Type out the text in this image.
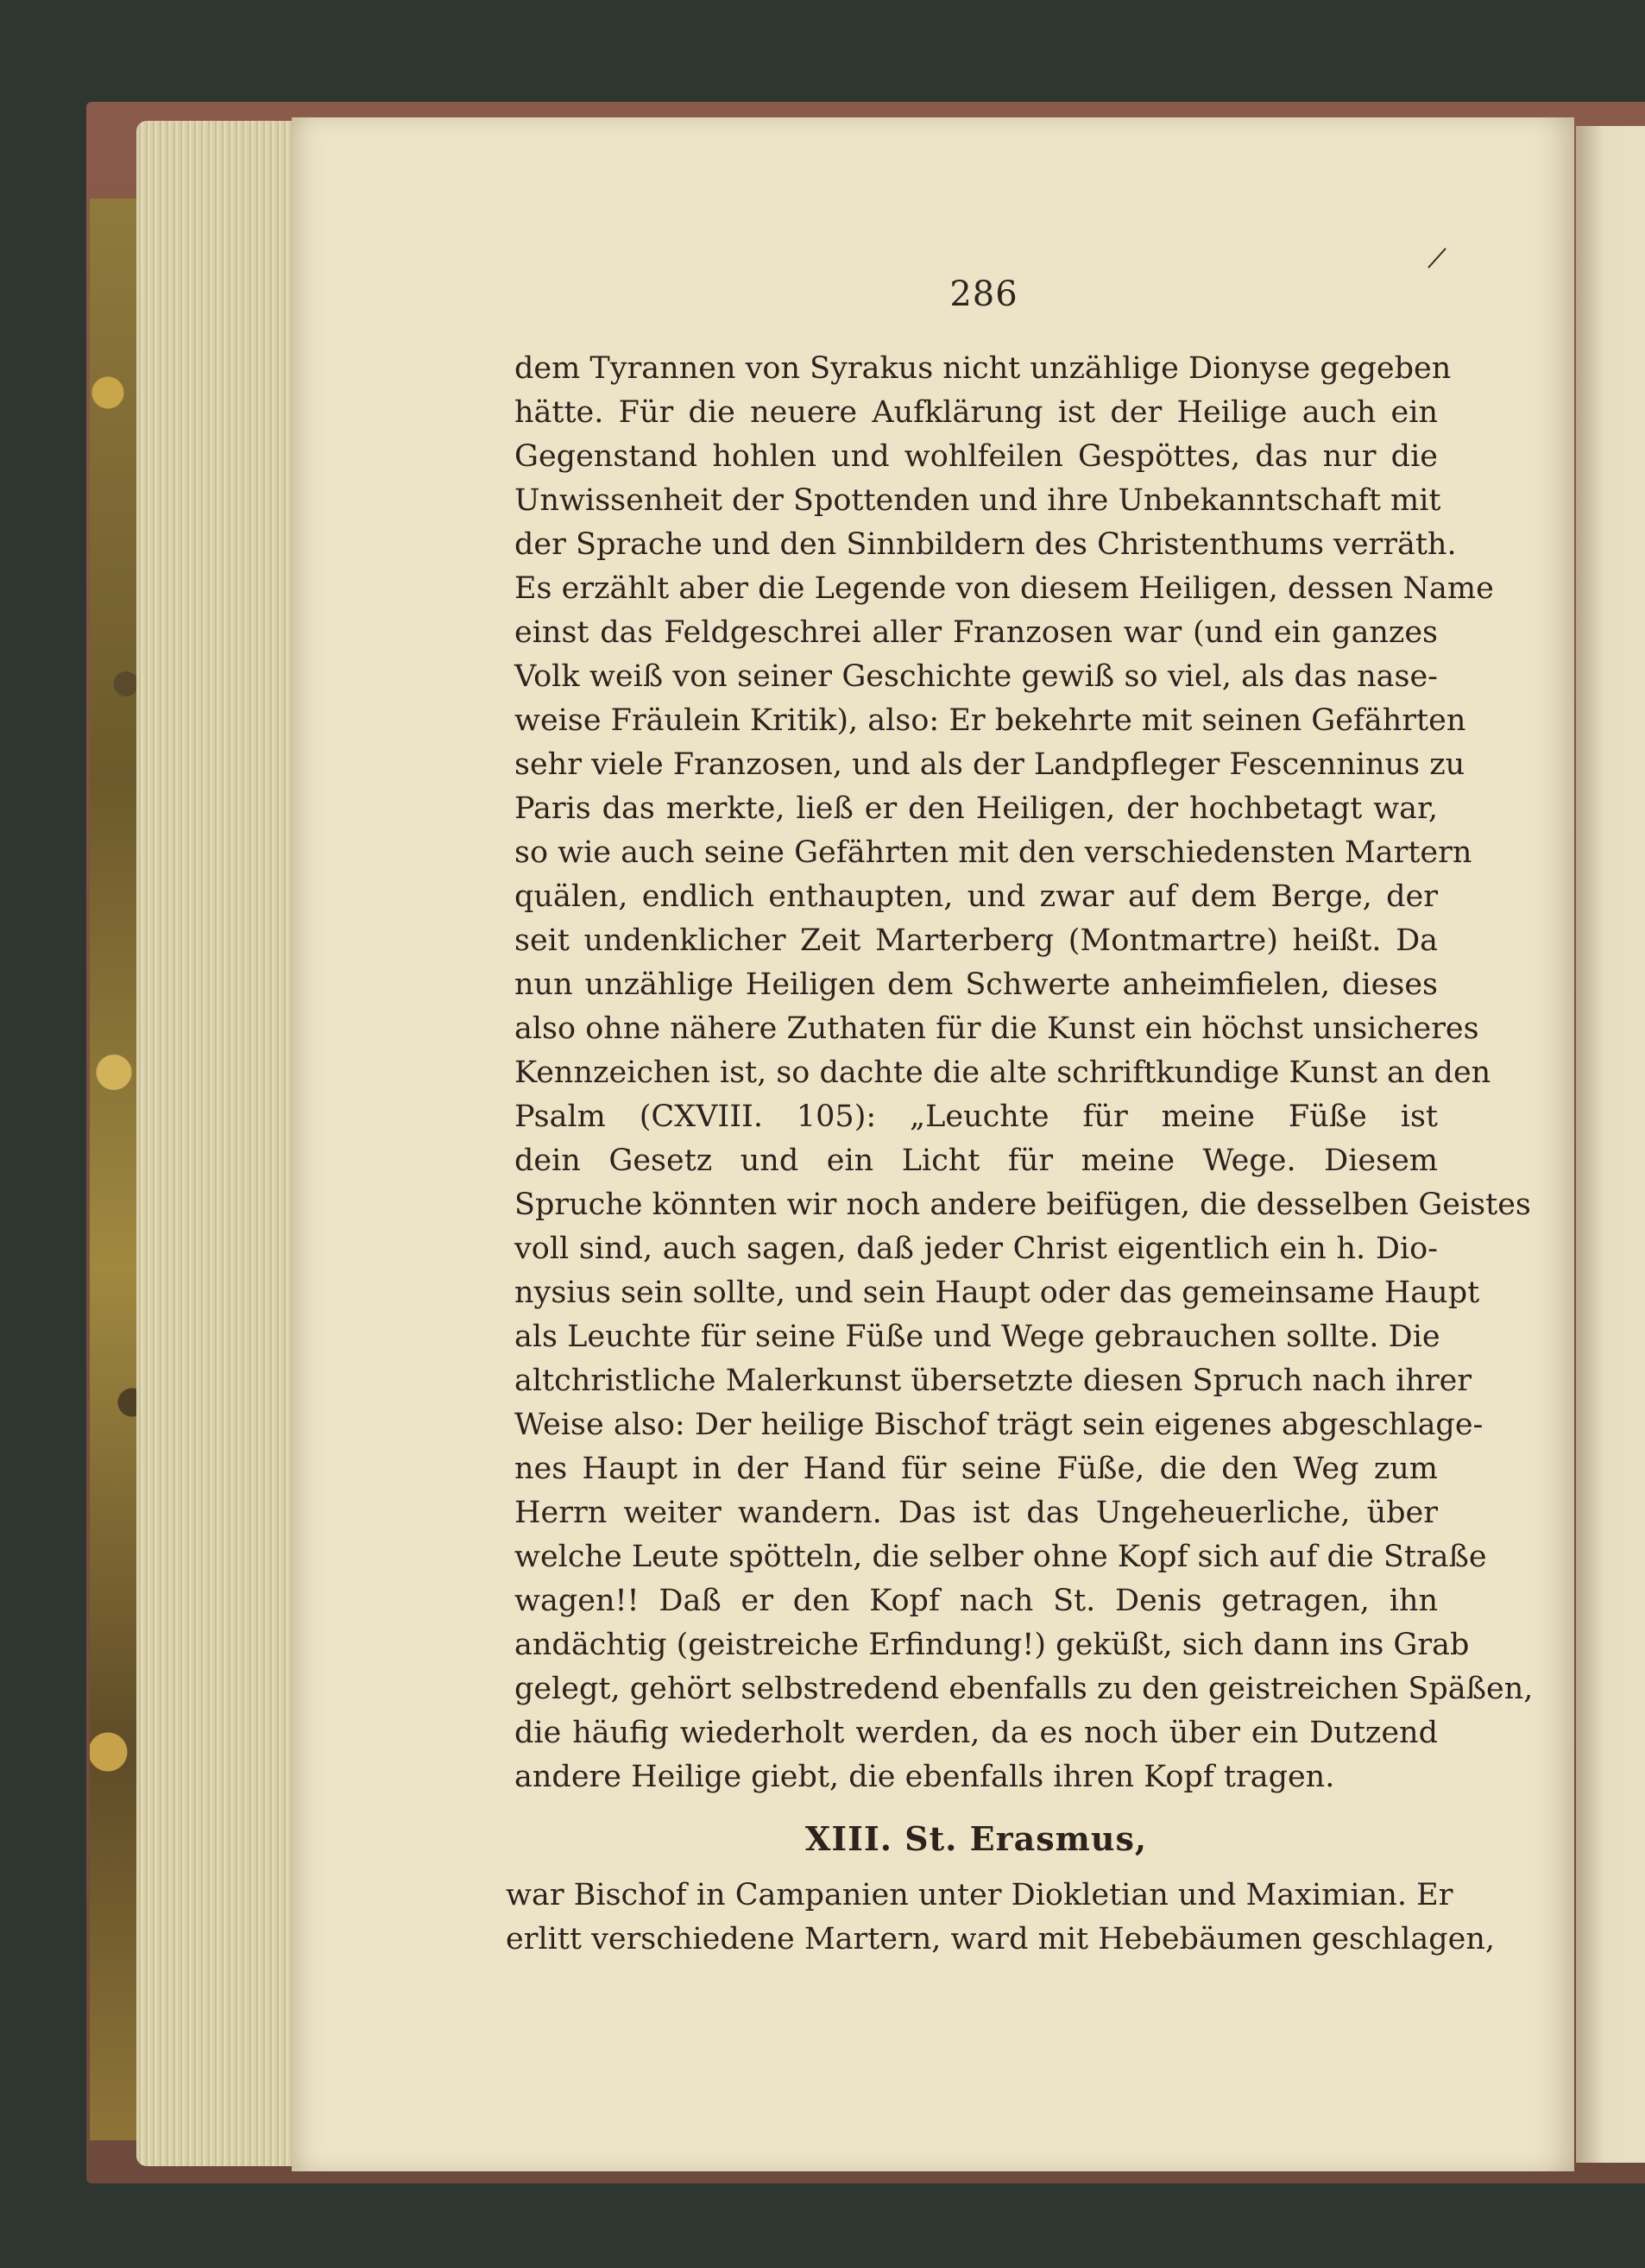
286
dem Tyrannen von Syrakus nicht unzählige Dionyse gegeben
hätte. Für die neuere Aufklärung ist der Heilige auch ein
Gegenstand hohlen und wohlfeilen Gespöttes, das nur die
Unwissenheit der Spottenden und ihre Unbekanntschaft mit
der Sprache und den Sinnbildern des Christenthums verräth.
Es erzählt aber die Legende von diesem Heiligen, dessen Name
einst das Feldgeschrei aller Franzosen war (und ein ganzes
Volk weiß von seiner Geschichte gewiß so viel, als das nase-
weise Fräulein Kritik), also: Er bekehrte mit seinen Gefährten
sehr viele Franzosen, und als der Landpfleger Fescenninus zu
Paris das merkte, ließ er den Heiligen, der hochbetagt war,
so wie auch seine Gefährten mit den verschiedensten Martern
quälen, endlich enthaupten, und zwar auf dem Berge, der
seit undenklicher Zeit Marterberg (Montmartre) heißt. Da
nun unzählige Heiligen dem Schwerte anheimfielen, dieses
also ohne nähere Zuthaten für die Kunst ein höchst unsicheres
Kennzeichen ist, so dachte die alte schriftkundige Kunst an den
Psalm (CXVIII. 105): „Leuchte für meine Füße ist
dein Gesetz und ein Licht für meine Wege. Diesem
Spruche könnten wir noch andere beifügen, die desselben Geistes
voll sind, auch sagen, daß jeder Christ eigentlich ein h. Dio-
nysius sein sollte, und sein Haupt oder das gemeinsame Haupt
als Leuchte für seine Füße und Wege gebrauchen sollte. Die
altchristliche Malerkunst übersetzte diesen Spruch nach ihrer
Weise also: Der heilige Bischof trägt sein eigenes abgeschlage-
nes Haupt in der Hand für seine Füße, die den Weg zum
Herrn weiter wandern. Das ist das Ungeheuerliche, über
welche Leute spötteln, die selber ohne Kopf sich auf die Straße
wagen!! Daß er den Kopf nach St. Denis getragen, ihn
andächtig (geistreiche Erfindung!) geküßt, sich dann ins Grab
gelegt, gehört selbstredend ebenfalls zu den geistreichen Späßen,
die häufig wiederholt werden, da es noch über ein Dutzend
andere Heilige giebt, die ebenfalls ihren Kopf tragen.
XIII. St. Erasmus,
war Bischof in Campanien unter Diokletian und Maximian. Er
erlitt verschiedene Martern, ward mit Hebebäumen geschlagen,
